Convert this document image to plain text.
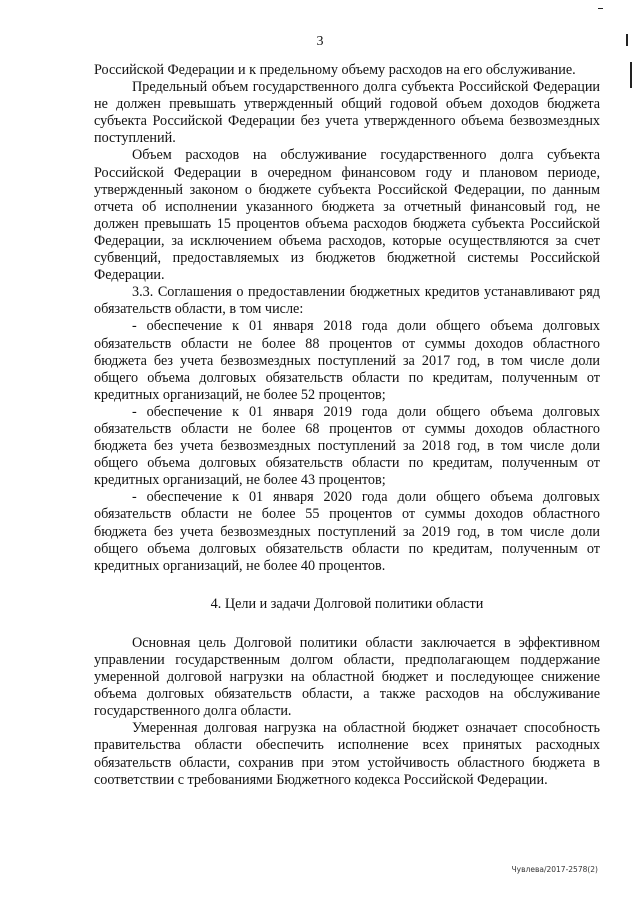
3

Российской Федерации и к предельному объему расходов на его обслуживание.

Предельный объем государственного долга субъекта Российской Федерации не должен превышать утвержденный общий годовой объем доходов бюджета субъекта Российской Федерации без учета утвержденного объема безвозмездных поступлений.

Объем расходов на обслуживание государственного долга субъекта Российской Федерации в очередном финансовом году и плановом периоде, утвержденный законом о бюджете субъекта Российской Федерации, по данным отчета об исполнении указанного бюджета за отчетный финансовый год, не должен превышать 15 процентов объема расходов бюджета субъекта Российской Федерации, за исключением объема расходов, которые осуществляются за счет субвенций, предоставляемых из бюджетов бюджетной системы Российской Федерации.

3.3. Соглашения о предоставлении бюджетных кредитов устанавливают ряд обязательств области, в том числе:

- обеспечение к 01 января 2018 года доли общего объема долговых обязательств области не более 88 процентов от суммы доходов областного бюджета без учета безвозмездных поступлений за 2017 год, в том числе доли общего объема долговых обязательств области по кредитам, полученным от кредитных организаций, не более 52 процентов;

- обеспечение к 01 января 2019 года доли общего объема долговых обязательств области не более 68 процентов от суммы доходов областного бюджета без учета безвозмездных поступлений за 2018 год, в том числе доли общего объема долговых обязательств области по кредитам, полученным от кредитных организаций, не более 43 процентов;

- обеспечение к 01 января 2020 года доли общего объема долговых обязательств области не более 55 процентов от суммы доходов областного бюджета без учета безвозмездных поступлений за 2019 год, в том числе доли общего объема долговых обязательств области по кредитам, полученным от кредитных организаций, не более 40 процентов.

4. Цели и задачи Долговой политики области

Основная цель Долговой политики области заключается в эффективном управлении государственным долгом области, предполагающем поддержание умеренной долговой нагрузки на областной бюджет и последующее снижение объема долговых обязательств области, а также расходов на обслуживание государственного долга области.

Умеренная долговая нагрузка на областной бюджет означает способность правительства области обеспечить исполнение всех принятых расходных обязательств области, сохранив при этом устойчивость областного бюджета в соответствии с требованиями Бюджетного кодекса Российской Федерации.

Чувлева/2017-2578(2)
